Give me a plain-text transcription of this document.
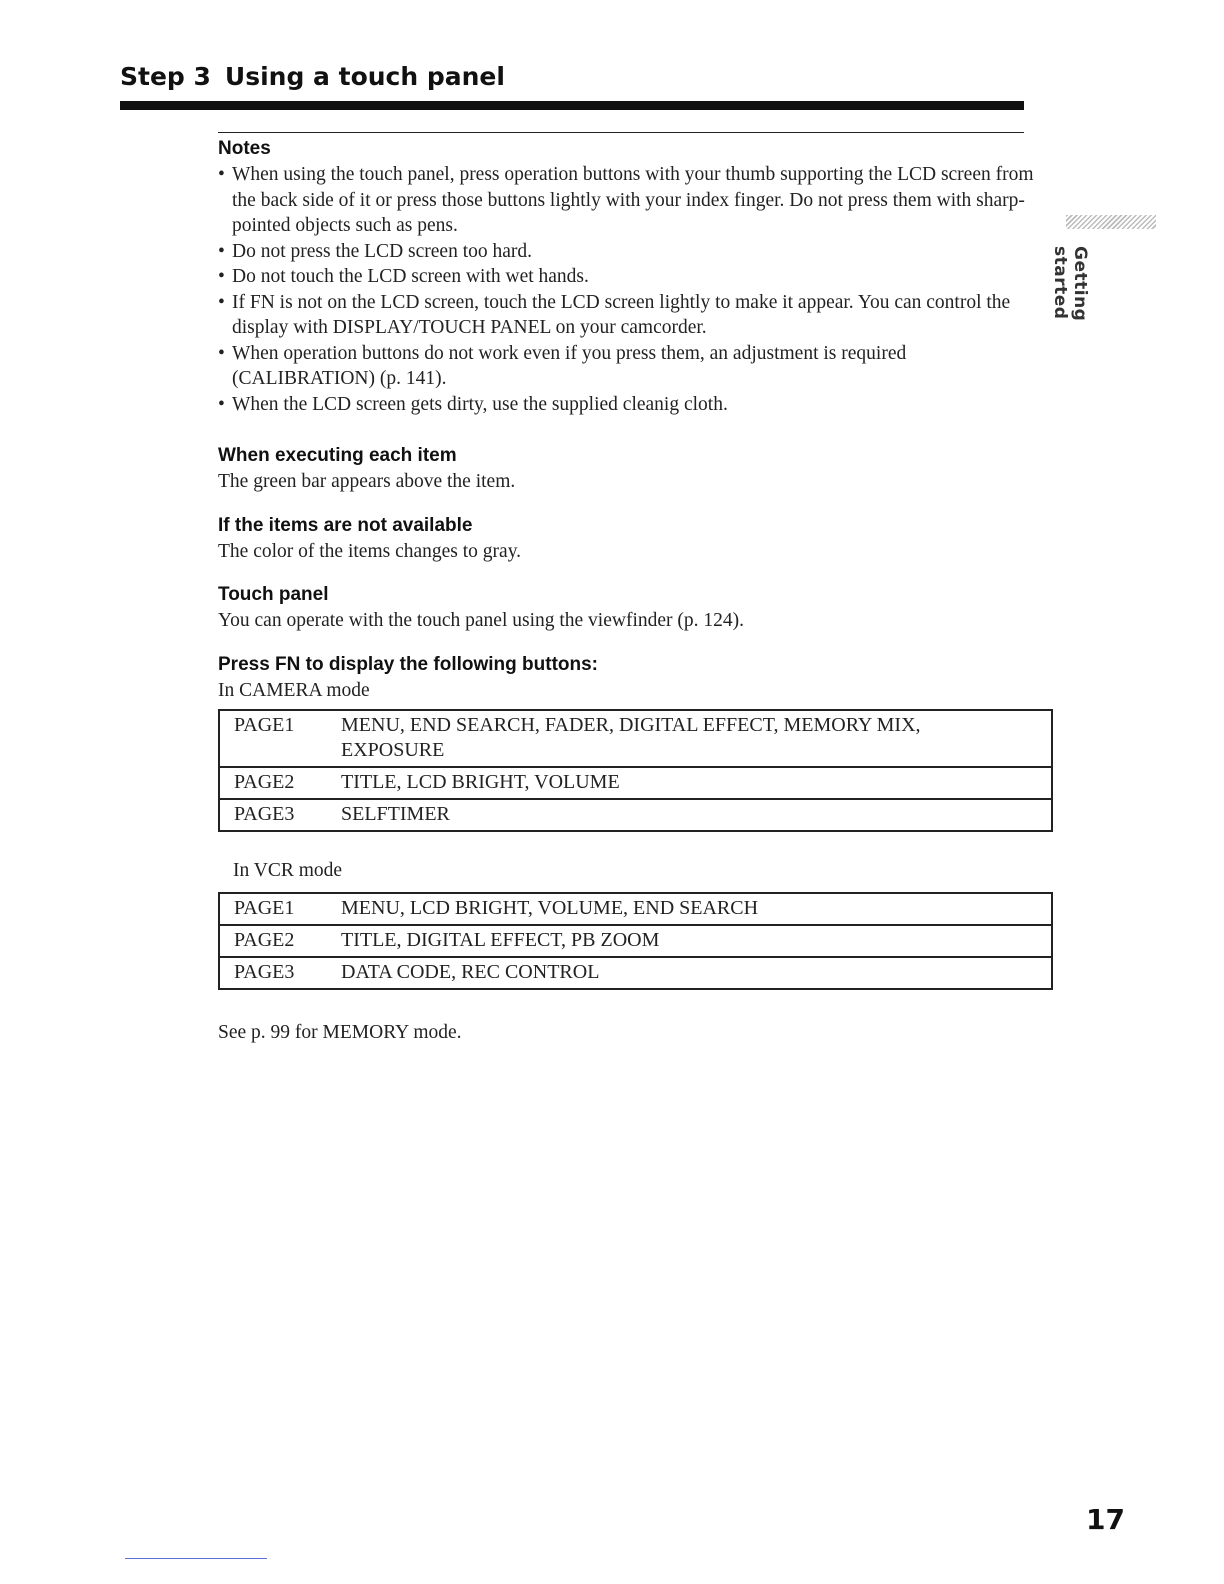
Step 3 Using a touch panel

Notes

• When using the touch panel, press operation buttons with your thumb supporting the LCD screen from the back side of it or press those buttons lightly with your index finger. Do not press them with sharp-pointed objects such as pens.
• Do not press the LCD screen too hard.
• Do not touch the LCD screen with wet hands.
• If FN is not on the LCD screen, touch the LCD screen lightly to make it appear. You can control the display with DISPLAY/TOUCH PANEL on your camcorder.
• When operation buttons do not work even if you press them, an adjustment is required (CALIBRATION) (p. 141).
• When the LCD screen gets dirty, use the supplied cleanig cloth.

When executing each item

The green bar appears above the item.

If the items are not available

The color of the items changes to gray.

Touch panel

You can operate with the touch panel using the viewfinder (p. 124).

Press FN to display the following buttons:

In CAMERA mode

PAGE1	MENU, END SEARCH, FADER, DIGITAL EFFECT, MEMORY MIX, EXPOSURE
PAGE2	TITLE, LCD BRIGHT, VOLUME
PAGE3	SELFTIMER

In VCR mode

PAGE1	MENU, LCD BRIGHT, VOLUME, END SEARCH
PAGE2	TITLE, DIGITAL EFFECT, PB ZOOM
PAGE3	DATA CODE, REC CONTROL

See p. 99 for MEMORY mode.

Getting started
17
